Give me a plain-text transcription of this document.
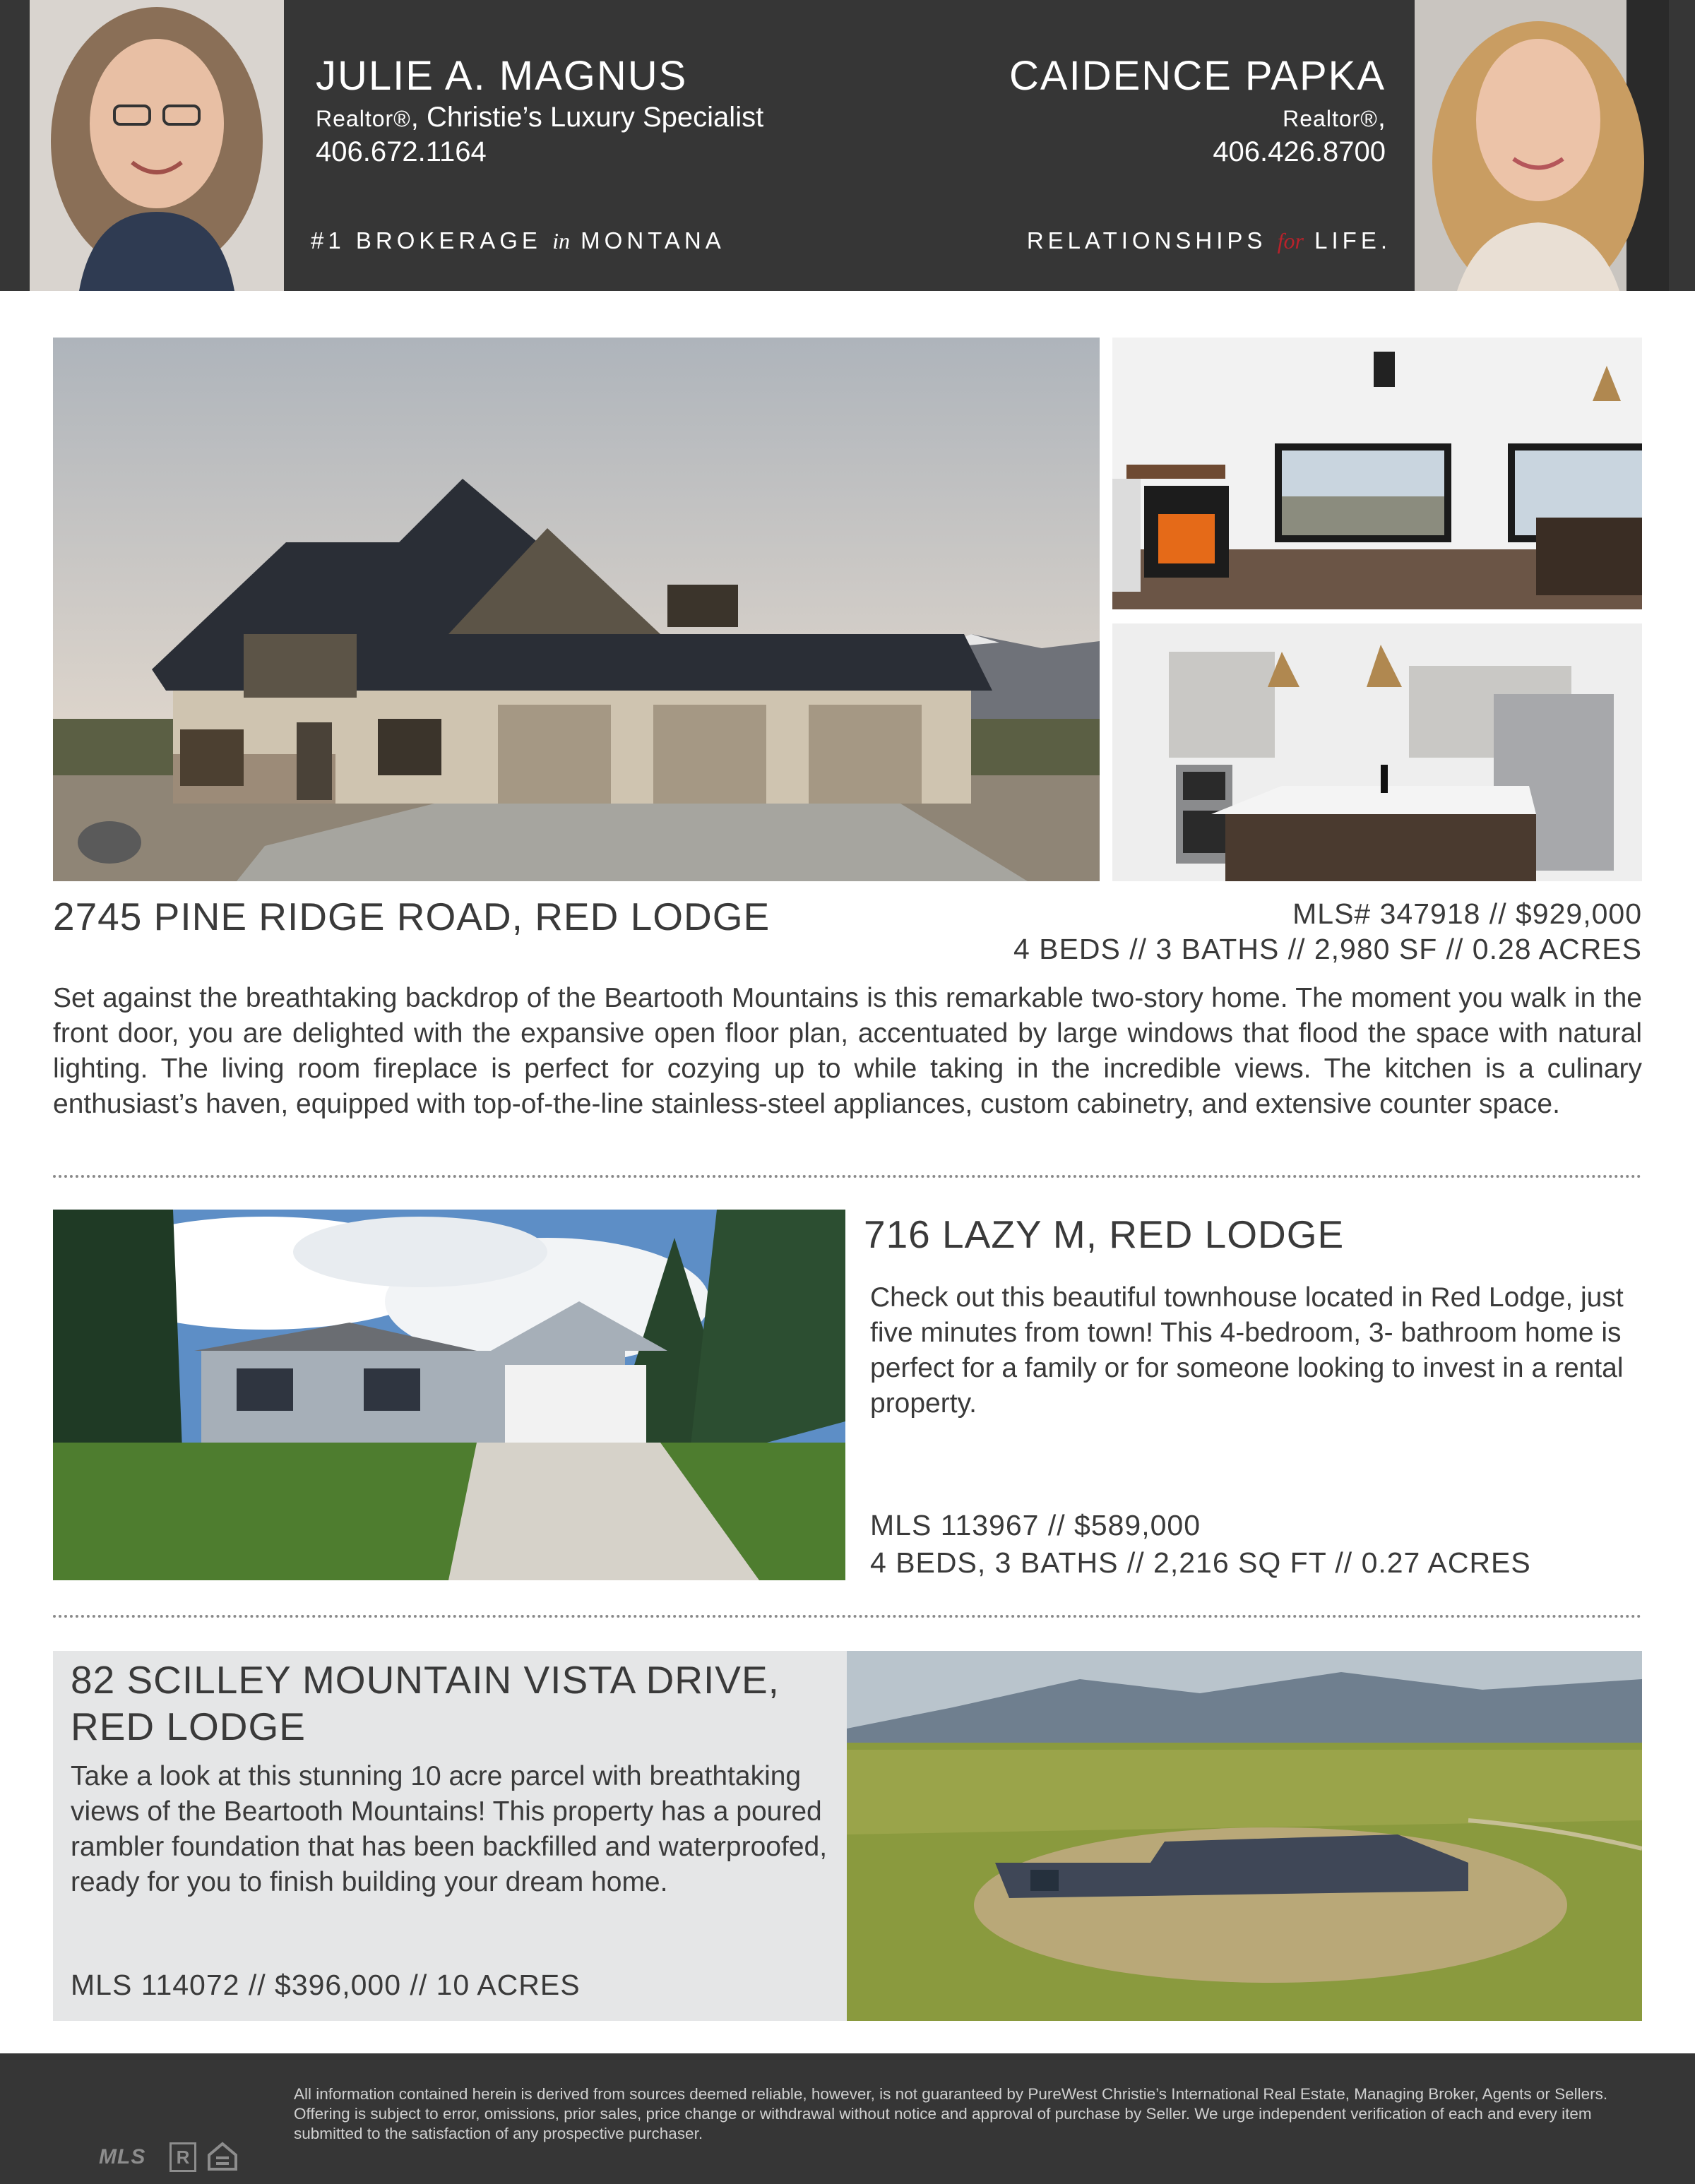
JULIE A. MAGNUS
Realtor®, Christie’s Luxury Specialist
406.672.1164
#1 BROKERAGE in MONTANA
CAIDENCE PAPKA
Realtor®,
406.426.8700
RELATIONSHIPS for LIFE.
2745 PINE RIDGE ROAD, RED LODGE	MLS# 347918 // $929,000
4 BEDS // 3 BATHS // 2,980 SF // 0.28 ACRES
Set against the breathtaking backdrop of the Beartooth Mountains is this remarkable two-story home. The moment you walk in the front door, you are delighted with the expansive open floor plan, accentuated by large windows that flood the space with natural lighting. The living room fireplace is perfect for cozying up to while taking in the incredible views. The kitchen is a culinary enthusiast’s haven, equipped with top-of-the-line stainless-steel appliances, custom cabinetry, and extensive counter space.
716 LAZY M, RED LODGE
Check out this beautiful townhouse located in Red Lodge, just five minutes from town! This 4-bedroom, 3- bathroom home is perfect for a family or for someone looking to invest in a rental property.
MLS 113967 // $589,000
4 BEDS, 3 BATHS // 2,216 SQ FT // 0.27 ACRES
82 SCILLEY MOUNTAIN VISTA DRIVE,
RED LODGE
Take a look at this stunning 10 acre parcel with breathtaking views of the Beartooth Mountains! This property has a poured rambler foundation that has been backfilled and waterproofed, ready for you to finish building your dream home.
MLS 114072 // $396,000 // 10 ACRES
MLS	R
All information contained herein is derived from sources deemed reliable, however, is not guaranteed by PureWest Christie’s International Real Estate, Managing Broker, Agents or Sellers. Offering is subject to error, omissions, prior sales, price change or withdrawal without notice and approval of purchase by Seller. We urge independent verification of each and every item submitted to the satisfaction of any prospective purchaser.
